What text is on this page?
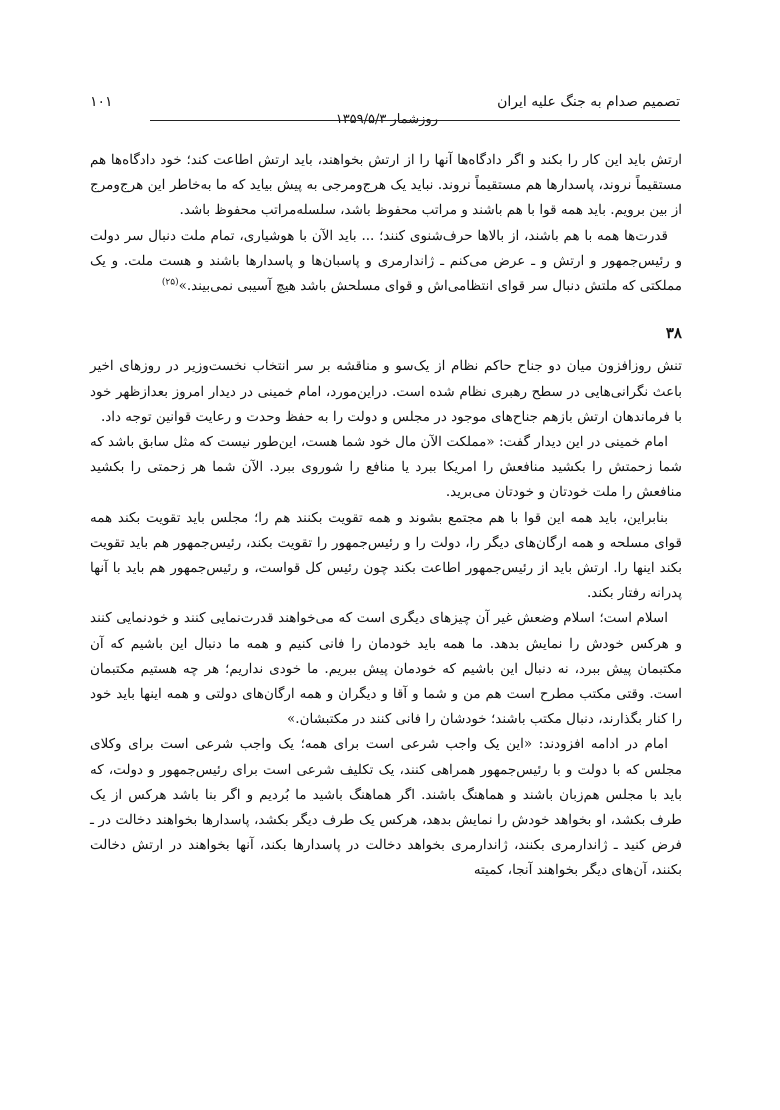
تصمیم صدام به جنگ علیه ایران
۱۰۱
روزشمار ۱۳۵۹/۵/۳

ارتش باید این کار را بکند و اگر دادگاه‌ها آنها را از ارتش بخواهند، باید ارتش اطاعت کند؛ خود دادگاه‌ها هم مستقیماً نروند، پاسدارها هم مستقیماً نروند. نباید یک هرج‌ومرجی به پیش بیاید که ما به‌خاطر این هرج‌ومرج از بین برویم. باید همه قوا با هم باشند و مراتب محفوظ باشد، سلسله‌مراتب محفوظ باشد.

قدرت‌ها همه با هم باشند، از بالاها حرف‌شنوی کنند؛ ... باید الآن با هوشیاری، تمام ملت دنبال سر دولت و رئیس‌جمهور و ارتش و ـ عرض می‌کنم ـ ژاندارمری و پاسبان‌ها و پاسدارها باشند و هست ملت. و یک مملکتی که ملتش دنبال سر قوای انتظامی‌اش و قوای مسلحش باشد هیچ آسیبی نمی‌بیند.»$^{(۲۵)}$

۳۸

تنش روزافزون میان دو جناح حاکم نظام از یک‌سو و مناقشه بر سر انتخاب نخست‌وزیر در روزهای اخیر باعث نگرانی‌هایی در سطح رهبری نظام شده است. دراین‌مورد، امام خمینی در دیدار امروز بعدازظهر خود با فرماندهان ارتش بازهم جناح‌های موجود در مجلس و دولت را به حفظ وحدت و رعایت قوانین توجه داد.

امام خمینی در این دیدار گفت: «مملکت الآن مال خود شما هست، این‌طور نیست که مثل سابق باشد که شما زحمتش را بکشید منافعش را امریکا ببرد یا منافع را شوروی ببرد. الآن شما هر زحمتی را بکشید منافعش را ملت خودتان و خودتان می‌برید.

بنابراین، باید همه این قوا با هم مجتمع بشوند و همه تقویت بکنند هم را؛ مجلس باید تقویت بکند همه قوای مسلحه و همه ارگان‌های دیگر را، دولت را و رئیس‌جمهور را تقویت بکند، رئیس‌جمهور هم باید تقویت بکند اینها را. ارتش باید از رئیس‌جمهور اطاعت بکند چون رئیس کل قواست، و رئیس‌جمهور هم باید با آنها پدرانه رفتار بکند.

اسلام است؛ اسلام وضعش غیر آن چیزهای دیگری است که می‌خواهند قدرت‌نمایی کنند و خودنمایی کنند و هرکس خودش را نمایش بدهد. ما همه باید خودمان را فانی کنیم و همه ما دنبال این باشیم که آن مکتبمان پیش ببرد، نه دنبال این باشیم که خودمان پیش ببریم. ما خودی نداریم؛ هر چه هستیم مکتبمان است. وقتی مکتب مطرح است هم من و شما و آقا و دیگران و همه ارگان‌های دولتی و همه اینها باید خود را کنار بگذارند، دنبال مکتب باشند؛ خودشان را فانی کنند در مکتبشان.»

امام در ادامه افزودند: «این یک واجب شرعی است برای همه؛ یک واجب شرعی است برای وکلای مجلس که با دولت و با رئیس‌جمهور همراهی کنند، یک تکلیف شرعی است برای رئیس‌جمهور و دولت، که باید با مجلس هم‌زبان باشند و هماهنگ باشند. اگر هماهنگ باشید ما بُردیم و اگر بنا باشد هرکس از یک طرف بکشد، او بخواهد خودش را نمایش بدهد، هرکس یک طرف دیگر بکشد، پاسدارها بخواهند دخالت در ـ فرض کنید ـ ژاندارمری بکنند، ژاندارمری بخواهد دخالت در پاسدارها بکند، آنها بخواهند در ارتش دخالت بکنند، آن‌های دیگر بخواهند آنجا، کمیته
